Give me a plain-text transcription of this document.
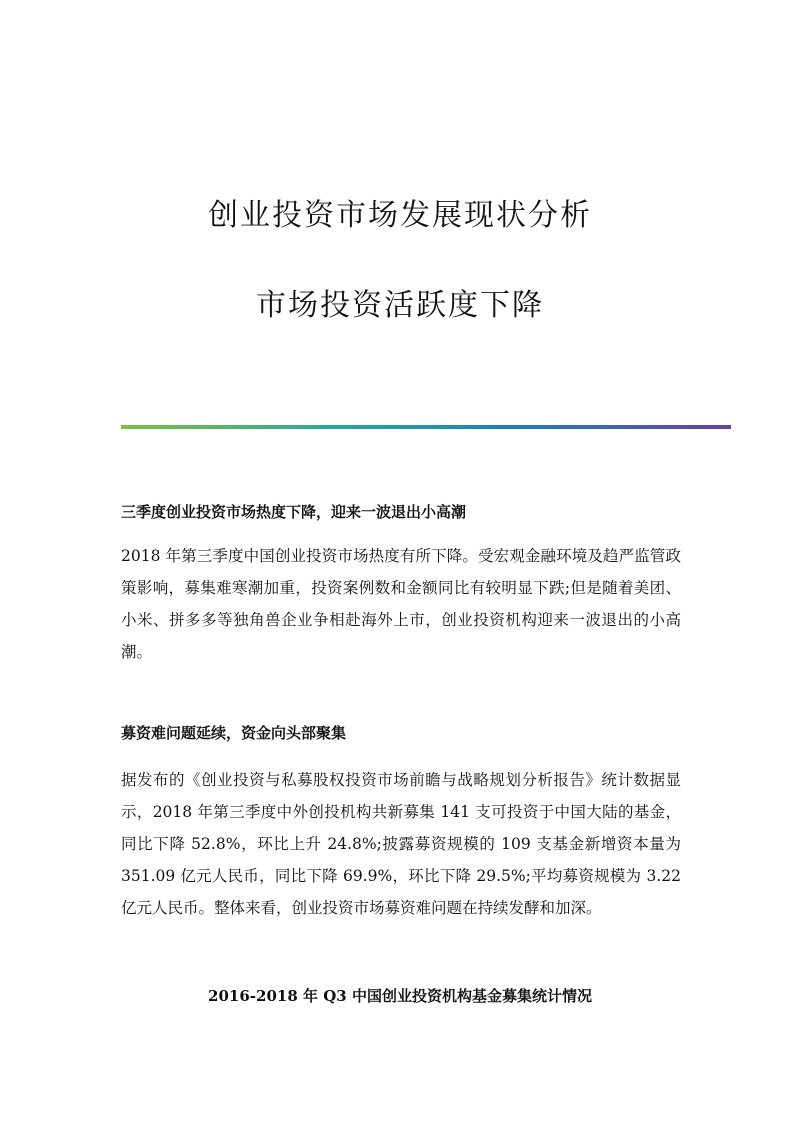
创业投资市场发展现状分析
市场投资活跃度下降

三季度创业投资市场热度下降，迎来一波退出小高潮

2018 年第三季度中国创业投资市场热度有所下降。受宏观金融环境及趋严监管政策影响，募集难寒潮加重，投资案例数和金额同比有较明显下跌;但是随着美团、小米、拼多多等独角兽企业争相赴海外上市，创业投资机构迎来一波退出的小高潮。

募资难问题延续，资金向头部聚集

据发布的《创业投资与私募股权投资市场前瞻与战略规划分析报告》统计数据显示，2018 年第三季度中外创投机构共新募集 141 支可投资于中国大陆的基金，同比下降 52.8%，环比上升 24.8%;披露募资规模的 109 支基金新增资本量为 351.09 亿元人民币，同比下降 69.9%，环比下降 29.5%;平均募资规模为 3.22 亿元人民币。整体来看，创业投资市场募资难问题在持续发酵和加深。

2016-2018 年 Q3 中国创业投资机构基金募集统计情况
